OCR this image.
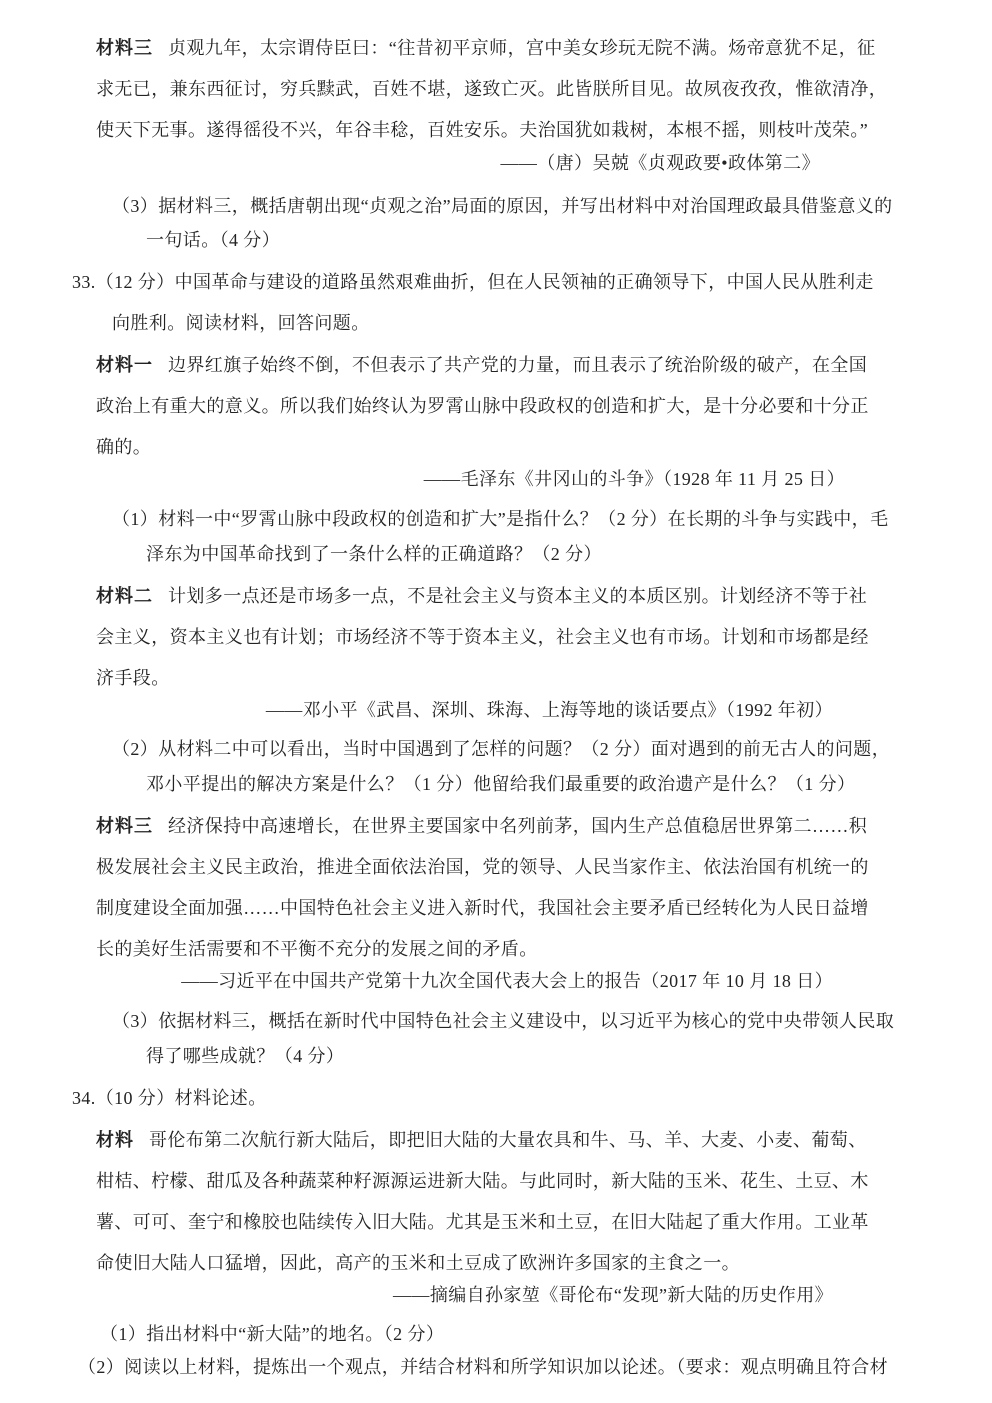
材料三 贞观九年，太宗谓侍臣曰：“往昔初平京师，宫中美女珍玩无院不满。炀帝意犹不足，征
求无已，兼东西征讨，穷兵黩武，百姓不堪，遂致亡灭。此皆朕所目见。故夙夜孜孜，惟欲清净，
使天下无事。遂得徭役不兴，年谷丰稔，百姓安乐。夫治国犹如栽树，本根不摇，则枝叶茂荣。”
——（唐）吴兢《贞观政要•政体第二》
（3）据材料三，概括唐朝出现“贞观之治”局面的原因，并写出材料中对治国理政最具借鉴意义的
一句话。（4 分）
33.（12 分）中国革命与建设的道路虽然艰难曲折，但在人民领袖的正确领导下，中国人民从胜利走
向胜利。阅读材料，回答问题。
材料一 边界红旗子始终不倒，不但表示了共产党的力量，而且表示了统治阶级的破产，在全国
政治上有重大的意义。所以我们始终认为罗霄山脉中段政权的创造和扩大，是十分必要和十分正
确的。
——毛泽东《井冈山的斗争》（1928 年 11 月 25 日）
（1）材料一中“罗霄山脉中段政权的创造和扩大”是指什么？（2 分）在长期的斗争与实践中，毛
泽东为中国革命找到了一条什么样的正确道路？（2 分）
材料二 计划多一点还是市场多一点，不是社会主义与资本主义的本质区别。计划经济不等于社
会主义，资本主义也有计划；市场经济不等于资本主义，社会主义也有市场。计划和市场都是经
济手段。
——邓小平《武昌、深圳、珠海、上海等地的谈话要点》（1992 年初）
（2）从材料二中可以看出，当时中国遇到了怎样的问题？（2 分）面对遇到的前无古人的问题，
邓小平提出的解决方案是什么？（1 分）他留给我们最重要的政治遗产是什么？（1 分）
材料三 经济保持中高速增长，在世界主要国家中名列前茅，国内生产总值稳居世界第二……积
极发展社会主义民主政治，推进全面依法治国，党的领导、人民当家作主、依法治国有机统一的
制度建设全面加强……中国特色社会主义进入新时代，我国社会主要矛盾已经转化为人民日益增
长的美好生活需要和不平衡不充分的发展之间的矛盾。
——习近平在中国共产党第十九次全国代表大会上的报告（2017 年 10 月 18 日）
（3）依据材料三，概括在新时代中国特色社会主义建设中，以习近平为核心的党中央带领人民取
得了哪些成就？（4 分）
34.（10 分）材料论述。
材料 哥伦布第二次航行新大陆后，即把旧大陆的大量农具和牛、马、羊、大麦、小麦、葡萄、
柑桔、柠檬、甜瓜及各种蔬菜种籽源源运进新大陆。与此同时，新大陆的玉米、花生、土豆、木
薯、可可、奎宁和橡胶也陆续传入旧大陆。尤其是玉米和土豆，在旧大陆起了重大作用。工业革
命使旧大陆人口猛增，因此，高产的玉米和土豆成了欧洲许多国家的主食之一。
——摘编自孙家堃《哥伦布“发现”新大陆的历史作用》
（1）指出材料中“新大陆”的地名。（2 分）
（2）阅读以上材料，提炼出一个观点，并结合材料和所学知识加以论述。（要求：观点明确且符合材
